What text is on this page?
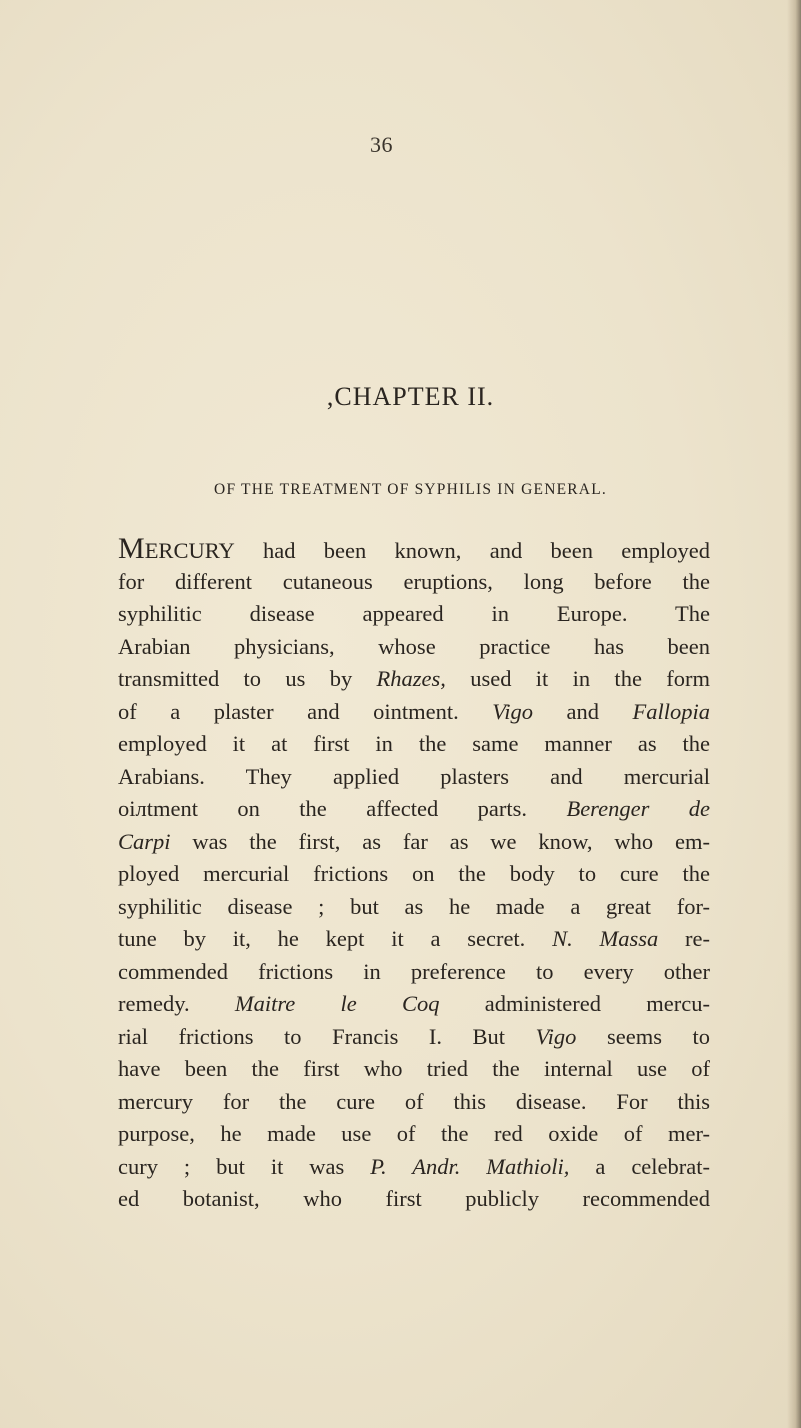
36
,CHAPTER II.
OF THE TREATMENT OF SYPHILIS IN GENERAL.
MERCURY had been known, and been employed
for different cutaneous eruptions, long before the
syphilitic disease appeared in Europe. The
Arabian physicians, whose practice has been
transmitted to us by Rhazes, used it in the form
of a plaster and ointment. Vigo and Fallopia
employed it at first in the same manner as the
Arabians. They applied plasters and mercurial
oiлtment on the affected parts. Berenger de
Carpi was the first, as far as we know, who em-
ployed mercurial frictions on the body to cure the
syphilitic disease ; but as he made a great for-
tune by it, he kept it a secret. N. Massa re-
commended frictions in preference to every other
remedy. Maitre le Coq administered mercu-
rial frictions to Francis I. But Vigo seems to
have been the first who tried the internal use of
mercury for the cure of this disease. For this
purpose, he made use of the red oxide of mer-
cury ; but it was P. Andr. Mathioli, a celebrat-
ed botanist, who first publicly recommended
